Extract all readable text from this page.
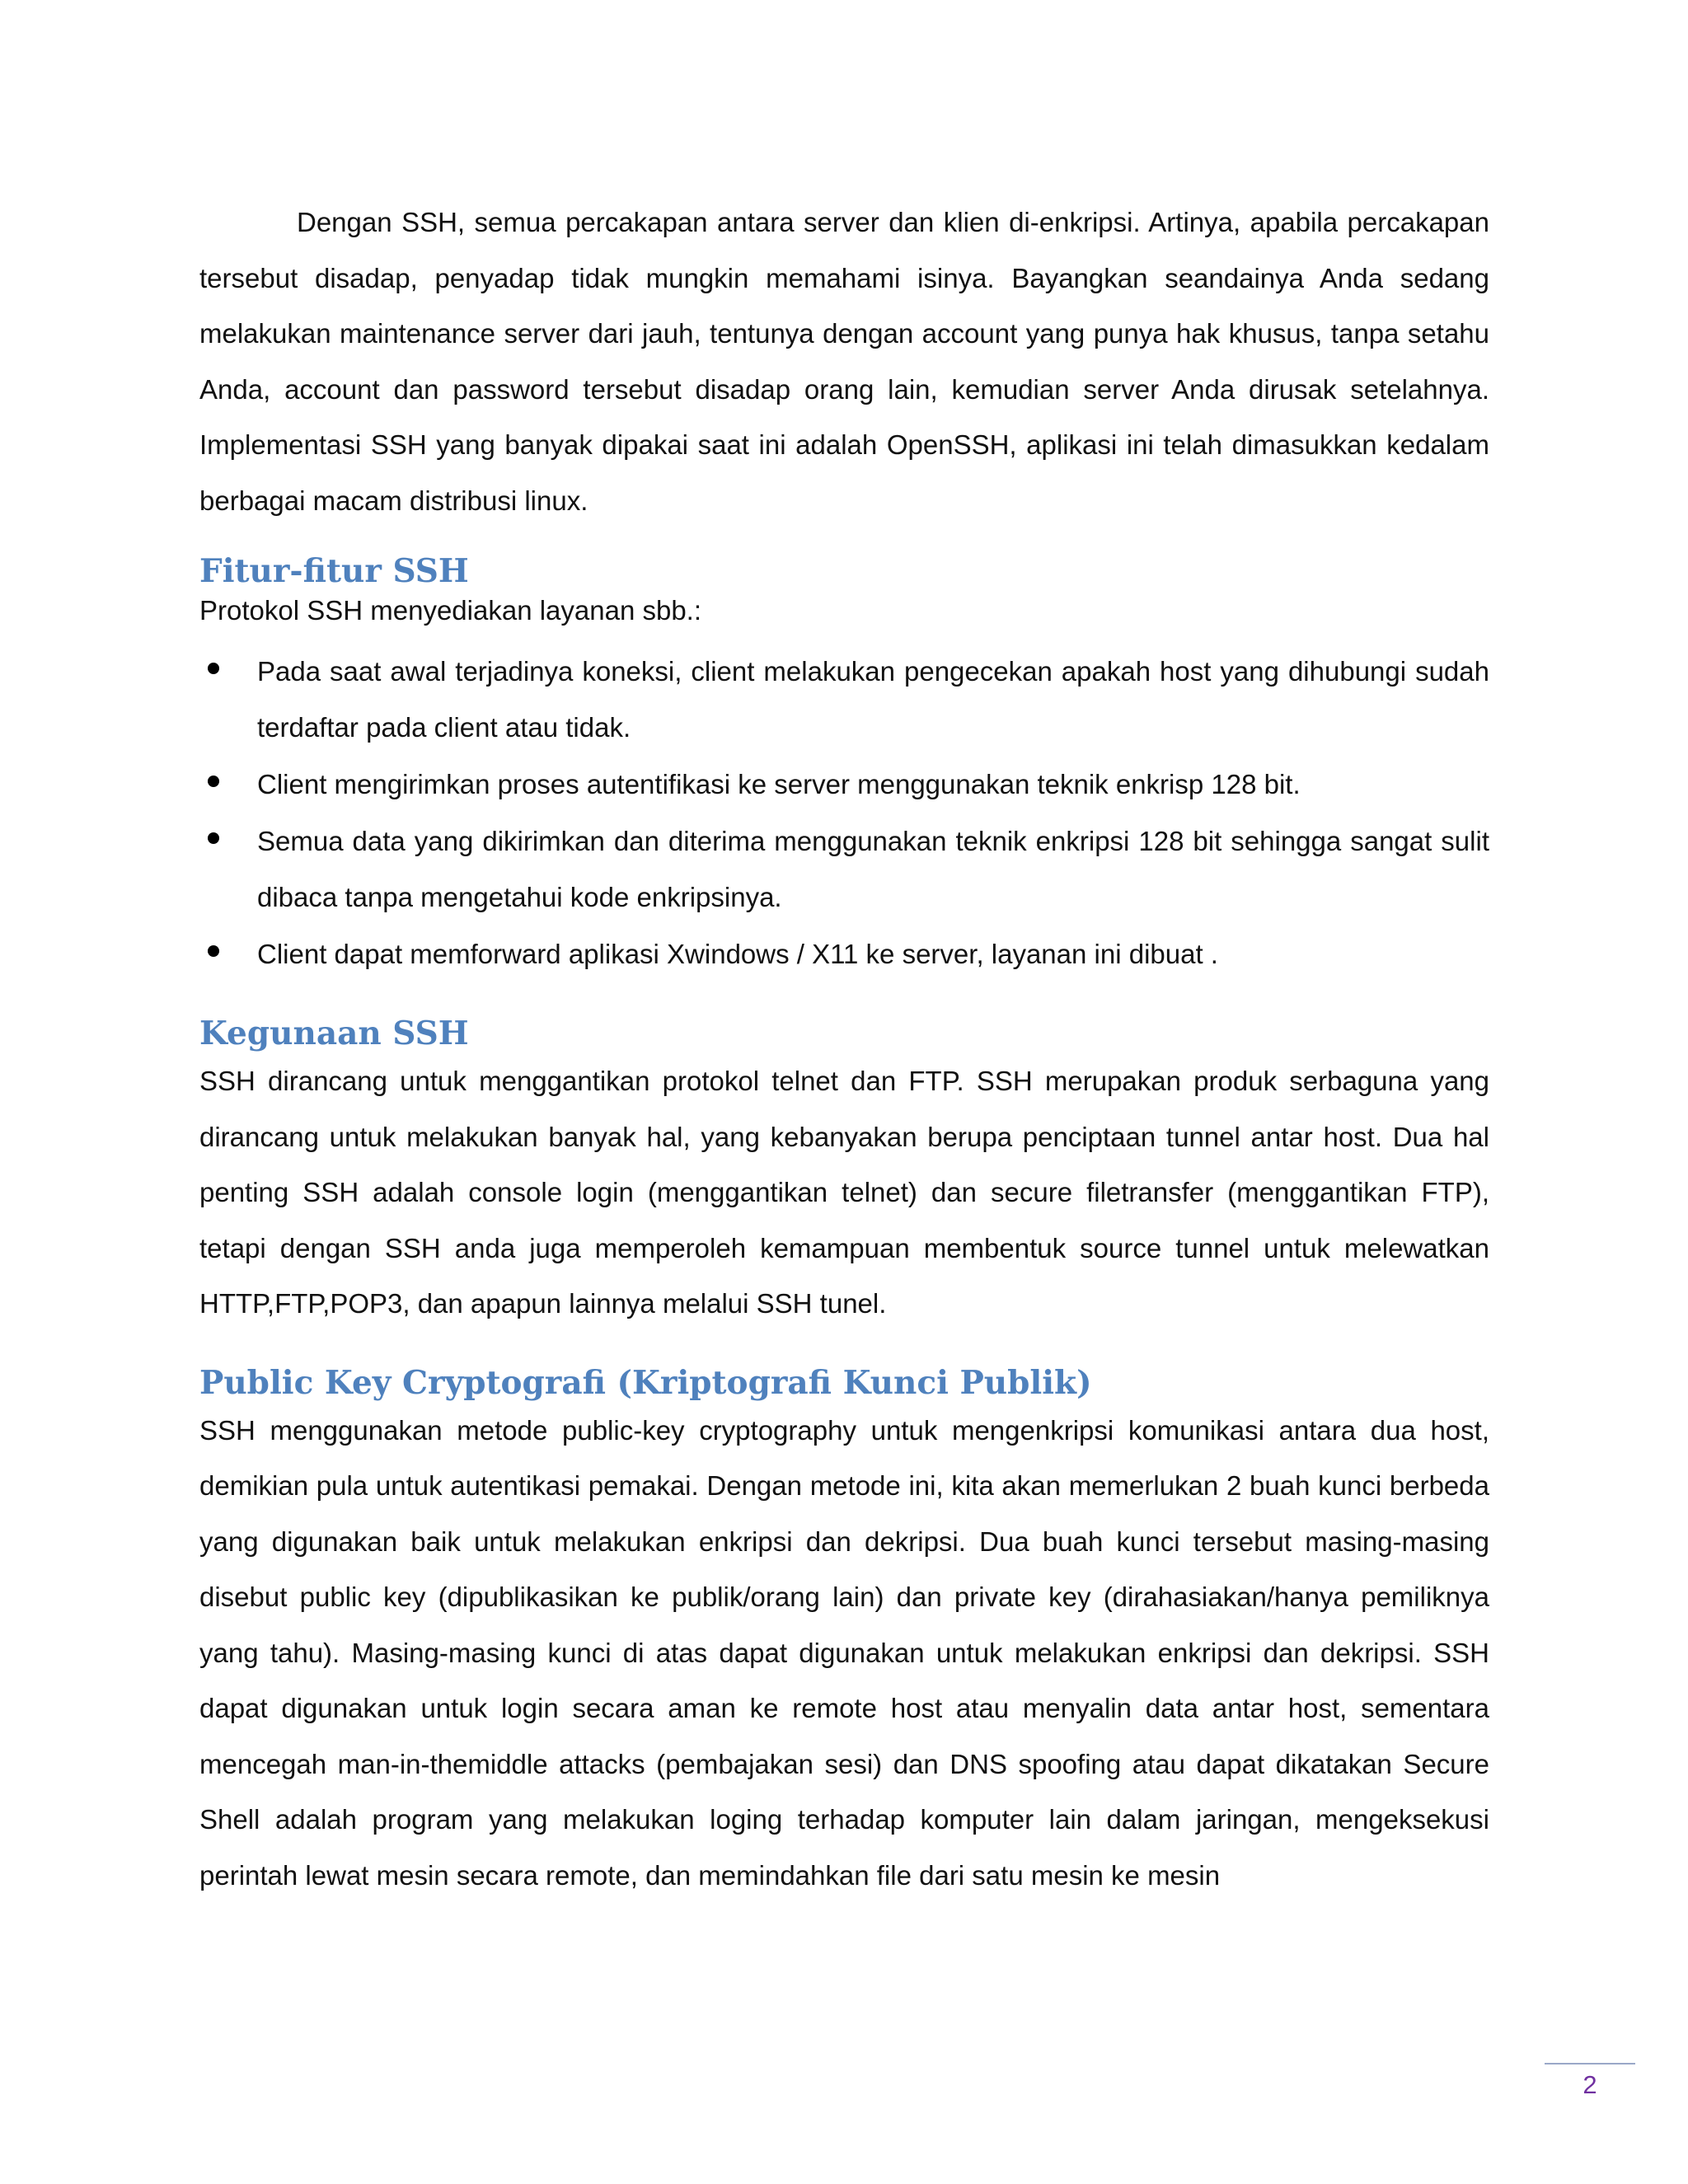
Dengan SSH, semua percakapan antara server dan klien di-enkripsi. Artinya, apabila percakapan tersebut disadap, penyadap tidak mungkin memahami isinya. Bayangkan seandainya Anda sedang melakukan maintenance server dari jauh, tentunya dengan account yang punya hak khusus, tanpa setahu Anda, account dan password tersebut disadap orang lain, kemudian server Anda dirusak setelahnya. Implementasi SSH yang banyak dipakai saat ini adalah OpenSSH, aplikasi ini telah dimasukkan kedalam berbagai macam distribusi linux.

Fitur-fitur SSH

Protokol SSH menyediakan layanan sbb.:

Pada saat awal terjadinya koneksi, client melakukan pengecekan apakah host yang dihubungi sudah terdaftar pada client atau tidak.

Client mengirimkan proses autentifikasi ke server menggunakan teknik enkrisp 128 bit.

Semua data yang dikirimkan dan diterima menggunakan teknik enkripsi 128 bit sehingga sangat sulit dibaca tanpa mengetahui kode enkripsinya.

Client dapat memforward aplikasi Xwindows / X11 ke server, layanan ini dibuat .

Kegunaan SSH

SSH dirancang untuk menggantikan protokol telnet dan FTP. SSH merupakan produk serbaguna yang dirancang untuk melakukan banyak hal, yang kebanyakan berupa penciptaan tunnel antar host. Dua hal penting SSH adalah console login (menggantikan telnet) dan secure filetransfer (menggantikan FTP), tetapi dengan SSH anda juga memperoleh kemampuan membentuk source tunnel untuk melewatkan HTTP,FTP,POP3, dan apapun lainnya melalui SSH tunel.

Public Key Cryptografi (Kriptografi Kunci Publik)

SSH menggunakan metode public-key cryptography untuk mengenkripsi komunikasi antara dua host, demikian pula untuk autentikasi pemakai. Dengan metode ini, kita akan memerlukan 2 buah kunci berbeda yang digunakan baik untuk melakukan enkripsi dan dekripsi. Dua buah kunci tersebut masing-masing disebut public key (dipublikasikan ke publik/orang lain) dan private key (dirahasiakan/hanya pemiliknya yang tahu). Masing-masing kunci di atas dapat digunakan untuk melakukan enkripsi dan dekripsi. SSH dapat digunakan untuk login secara aman ke remote host atau menyalin data antar host, sementara mencegah man-in-themiddle attacks (pembajakan sesi) dan DNS spoofing atau dapat dikatakan Secure Shell adalah program yang melakukan loging terhadap komputer lain dalam jaringan, mengeksekusi perintah lewat mesin secara remote, dan memindahkan file dari satu mesin ke mesin

2
